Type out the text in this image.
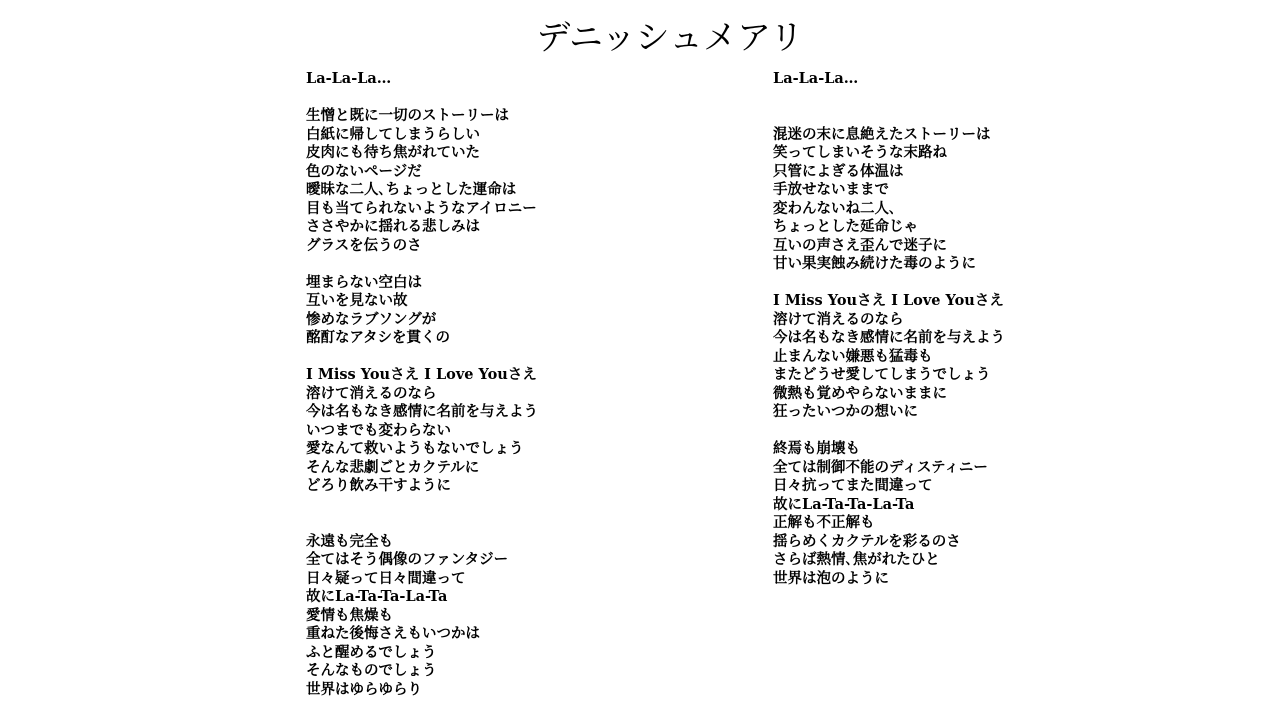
デニッシュメアリ
La-La-La…
生憎と既に一切のストーリーは
白紙に帰してしまうらしい
皮肉にも待ち焦がれていた
色のないページだ
曖昧な二人､ちょっとした運命は
目も当てられないようなアイロニー
ささやかに揺れる悲しみは
グラスを伝うのさ
埋まらない空白は
互いを見ない故
惨めなラブソングが
酩酊なアタシを貫くの
I Miss Youさえ I Love Youさえ
溶けて消えるのなら
今は名もなき感情に名前を与えよう
いつまでも変わらない
愛なんて救いようもないでしょう
そんな悲劇ごとカクテルに
どろり飲み干すように
永遠も完全も
全てはそう偶像のファンタジー
日々疑って日々間違って
故にLa-Ta-Ta-La-Ta
愛情も焦燥も
重ねた後悔さえもいつかは
ふと醒めるでしょう
そんなものでしょう
世界はゆらゆらり
La-La-La…
混迷の末に息絶えたストーリーは
笑ってしまいそうな末路ね
只管によぎる体温は
手放せないままで
変わんないね二人､
ちょっとした延命じゃ
互いの声さえ歪んで迷子に
甘い果実蝕み続けた毒のように
I Miss Youさえ I Love Youさえ
溶けて消えるのなら
今は名もなき感情に名前を与えよう
止まんない嫌悪も猛毒も
またどうせ愛してしまうでしょう
微熱も覚めやらないままに
狂ったいつかの想いに
終焉も崩壊も
全ては制御不能のディスティニー
日々抗ってまた間違って
故にLa-Ta-Ta-La-Ta
正解も不正解も
揺らめくカクテルを彩るのさ
さらば熱情､焦がれたひと
世界は泡のように
